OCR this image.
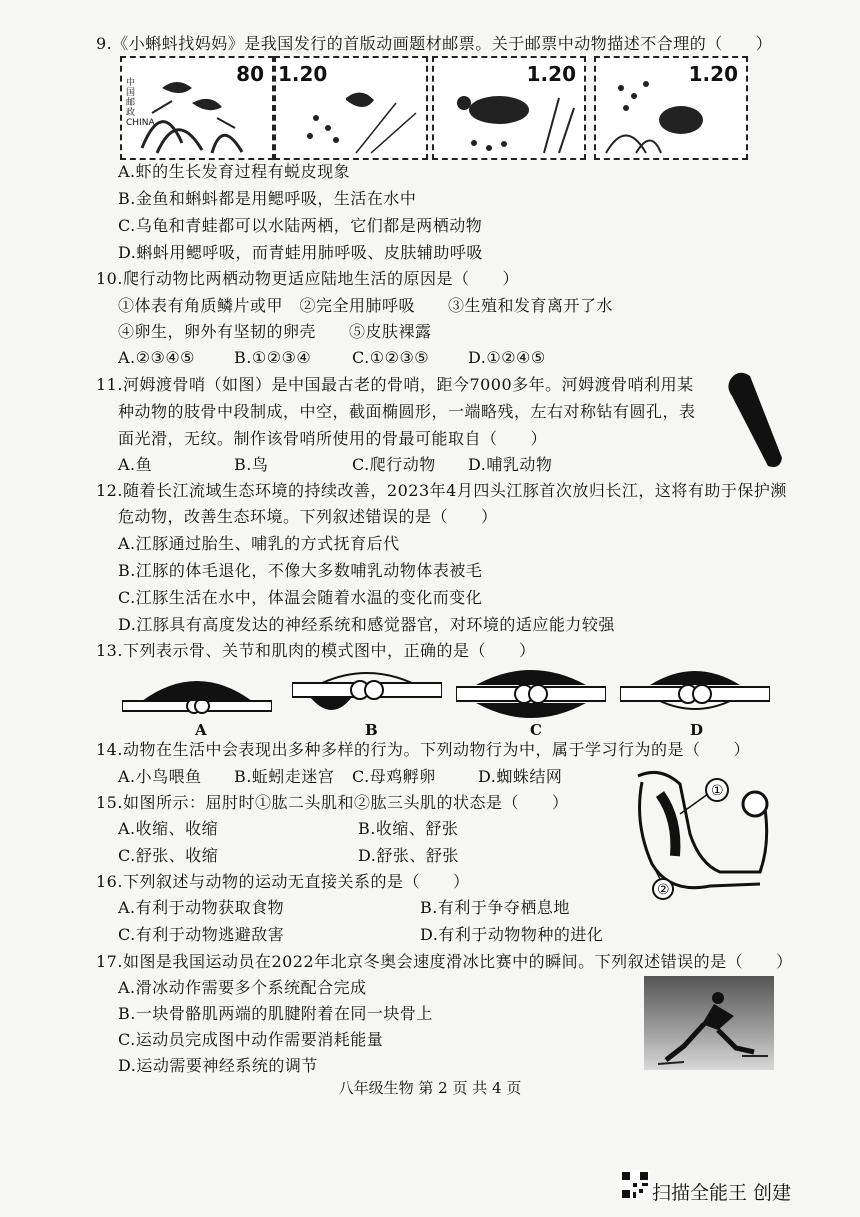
9.《小蝌蚪找妈妈》是我国发行的首版动画题材邮票。关于邮票中动物描述不合理的（　　）
80
中国邮政CHINA
1.20	1.20	1.20
A.虾的生长发育过程有蜕皮现象
B.金鱼和蝌蚪都是用鳃呼吸，生活在水中
C.乌龟和青蛙都可以水陆两栖，它们都是两栖动物
D.蝌蚪用鳃呼吸，而青蛙用肺呼吸、皮肤辅助呼吸
10.爬行动物比两栖动物更适应陆地生活的原因是（　　）
①体表有角质鳞片或甲　②完全用肺呼吸　　③生殖和发育离开了水
④卵生，卵外有坚韧的卵壳　　⑤皮肤裸露
A.②③④⑤ B.①②③④	C.①②③⑤ D.①②④⑤
11.河姆渡骨哨（如图）是中国最古老的骨哨，距今7000多年。河姆渡骨哨利用某
种动物的肢骨中段制成，中空，截面椭圆形，一端略残，左右对称钻有圆孔，表
面光滑，无纹。制作该骨哨所使用的骨最可能取自（　　）
A.鱼	B.鸟	C.爬行动物 D.哺乳动物
12.随着长江流域生态环境的持续改善，2023年4月四头江豚首次放归长江，这将有助于保护濒
危动物，改善生态环境。下列叙述错误的是（　　）
A.江豚通过胎生、哺乳的方式抚育后代
B.江豚的体毛退化，不像大多数哺乳动物体表被毛
C.江豚生活在水中，体温会随着水温的变化而变化
D.江豚具有高度发达的神经系统和感觉器官，对环境的适应能力较强
13.下列表示骨、关节和肌肉的模式图中，正确的是（　　）
A	B	C	D
14.动物在生活中会表现出多种多样的行为。下列动物行为中，属于学习行为的是（　　）
A.小鸟喂鱼 B.蚯蚓走迷宫 C.母鸡孵卵	D.蜘蛛结网
15.如图所示：屈肘时①肱二头肌和②肱三头肌的状态是（　　）
A.收缩、收缩	B.收缩、舒张
C.舒张、收缩	D.舒张、舒张
①
②
16.下列叙述与动物的运动无直接关系的是（　　）
A.有利于动物获取食物	B.有利于争夺栖息地
C.有利于动物逃避敌害	D.有利于动物物种的进化
17.如图是我国运动员在2022年北京冬奥会速度滑冰比赛中的瞬间。下列叙述错误的是（　　）
A.滑冰动作需要多个系统配合完成
B.一块骨骼肌两端的肌腱附着在同一块骨上
C.运动员完成图中动作需要消耗能量
D.运动需要神经系统的调节
八年级生物 第 2 页 共 4 页
扫描全能王 创建
